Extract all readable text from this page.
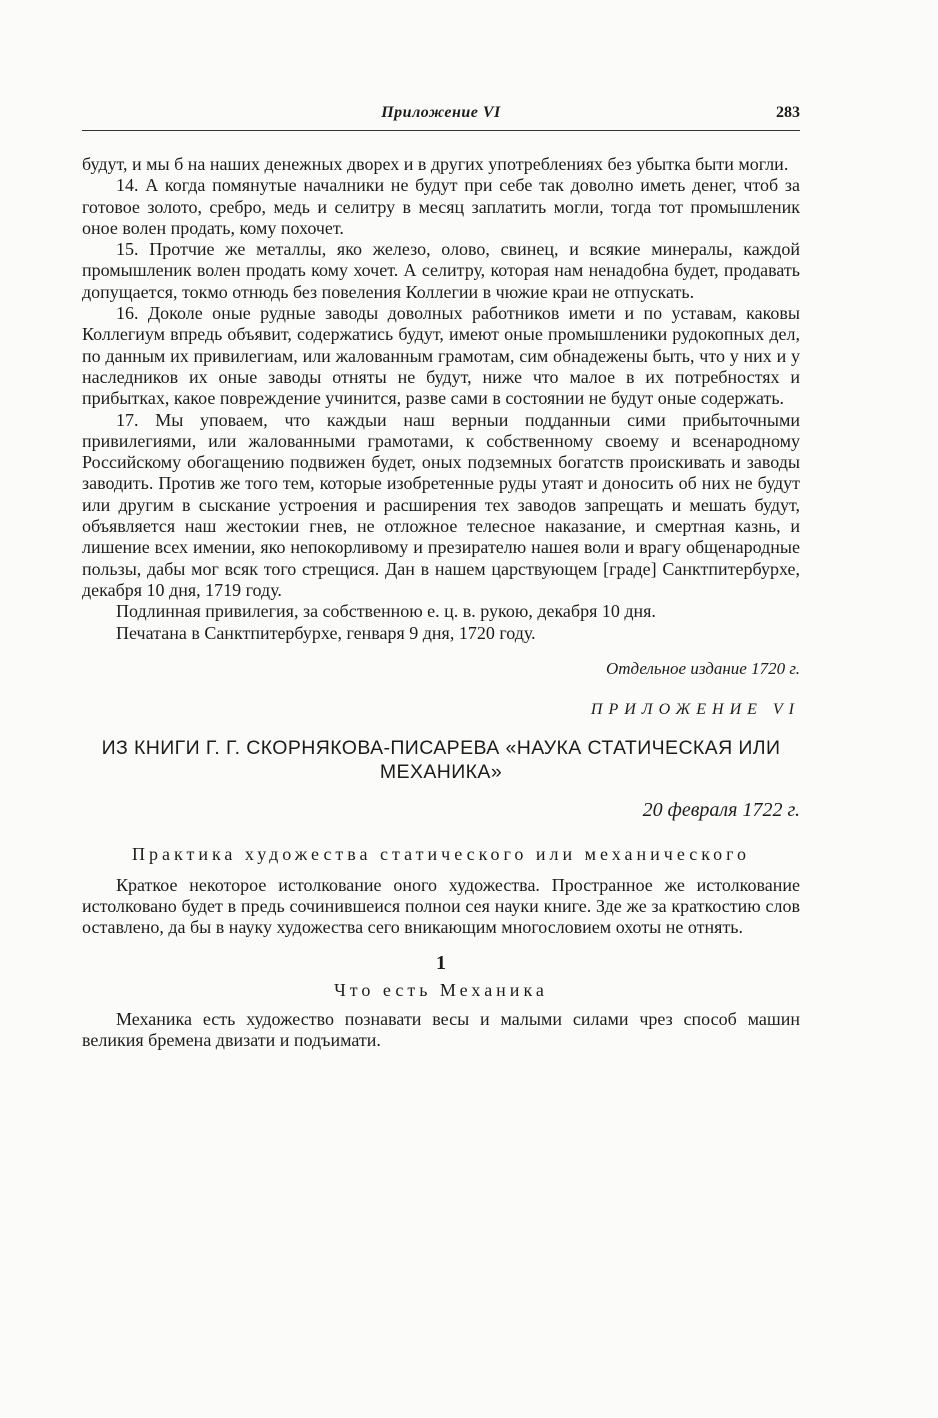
Приложение VI	283

будут, и мы б на наших денежных дворех и в других употреблениях без убытка быти могли.

14. А когда помянутые началники не будут при себе так доволно иметь денег, чтоб за готовое золото, сребро, медь и селитру в месяц заплатить могли, тогда тот промышленик оное волен продать, кому похочет.

15. Протчие же металлы, яко железо, олово, свинец, и всякие минералы, каждой промышленик волен продать кому хочет. А селитру, которая нам ненадобна будет, продавать допущается, токмо отнюдь без повеления Коллегии в чюжие краи не отпускать.

16. Доколе оные рудные заводы доволных работников имети и по уставам, каковы Коллегиум впредь объявит, содержатись будут, имеют оные промышленики рудокопных дел, по данным их привилегиам, или жалованным грамотам, сим обнадежены быть, что у них и у наследников их оные заводы отняты не будут, ниже что малое в их потребностях и прибытках, какое повреждение учинится, разве сами в состоянии не будут оные содержать.

17. Мы уповаем, что каждыи наш верныи подданныи сими прибыточными привилегиями, или жалованными грамотами, к собственному своему и всенародному Российскому обогащению подвижен будет, оных подземных богатств проискивать и заводы заводить. Против же того тем, которые изобретенные руды утаят и доносить об них не будут или другим в сыскание устроения и расширения тех заводов запрещать и мешать будут, объявляется наш жестокии гнев, не отложное телесное наказание, и смертная казнь, и лишение всех имении, яко непокорливому и презирателю нашея воли и врагу общенародные пользы, дабы мог всяк того стрещися. Дан в нашем царствующем [граде] Санктпитербурхе, декабря 10 дня, 1719 году.

Подлинная привилегия, за собственною е. ц. в. рукою, декабря 10 дня.

Печатана в Санктпитербурхе, генваря 9 дня, 1720 году.

Отдельное издание 1720 г.

ПРИЛОЖЕНИЕ VI

ИЗ КНИГИ Г. Г. СКОРНЯКОВА-ПИСАРЕВА «НАУКА СТАТИЧЕСКАЯ ИЛИ МЕХАНИКА»
20 февраля 1722 г.
Практика художества статического или механического

Краткое некоторое истолкование оного художества. Пространное же истолкование истолковано будет в предь сочинившеися полнои сея науки книге. Зде же за краткостию слов оставлено, да бы в науку художества сего вникающим многословием охоты не отнять.

1
Что есть Механика

Механика есть художество познавати весы и малыми силами чрез способ машин великия бремена двизати и подъимати.
